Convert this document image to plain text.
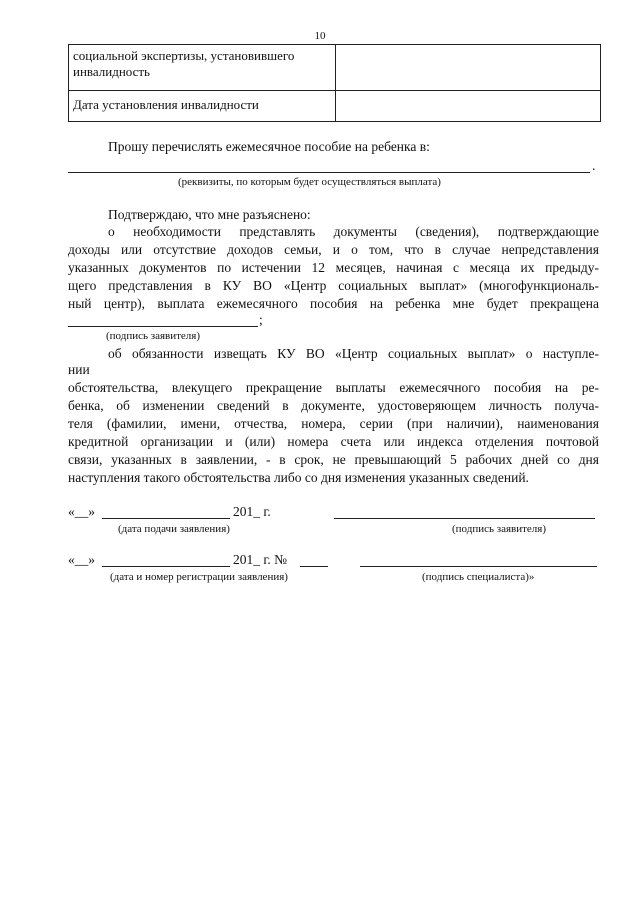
10
социальной экспертизы, установившего инвалидность	
Дата установления инвалидности	

Прошу перечислять ежемесячное пособие на ребенка в:

.

(реквизиты, по которым будет осуществляться выплата)

Подтверждаю, что мне разъяснено:

о необходимости представлять документы (сведения), подтверждающие

доходы или отсутствие доходов семьи, и о том, что в случае непредставления

указанных документов по истечении 12 месяцев, начиная с месяца их предыду-

щего представления в КУ ВО «Центр социальных выплат» (многофункциональ-

ный центр), выплата ежемесячного пособия на ребенка мне будет прекращена

;

(подпись заявителя)

об обязанности извещать КУ ВО «Центр социальных выплат» о наступле-

нии

обстоятельства, влекущего прекращение выплаты ежемесячного пособия на ре-

бенка, об изменении сведений в документе, удостоверяющем личность получа-

теля (фамилии, имени, отчества, номера, серии (при наличии), наименования

кредитной организации и (или) номера счета или индекса отделения почтовой

связи, указанных в заявлении, - в срок, не превышающий 5 рабочих дней со дня

наступления такого обстоятельства либо со дня изменения указанных сведений.

«__»	201_ г.

(дата подачи заявления)	(подпись заявителя)

«__»	201_ г. №

(дата и номер регистрации заявления)	(подпись специалиста)»
